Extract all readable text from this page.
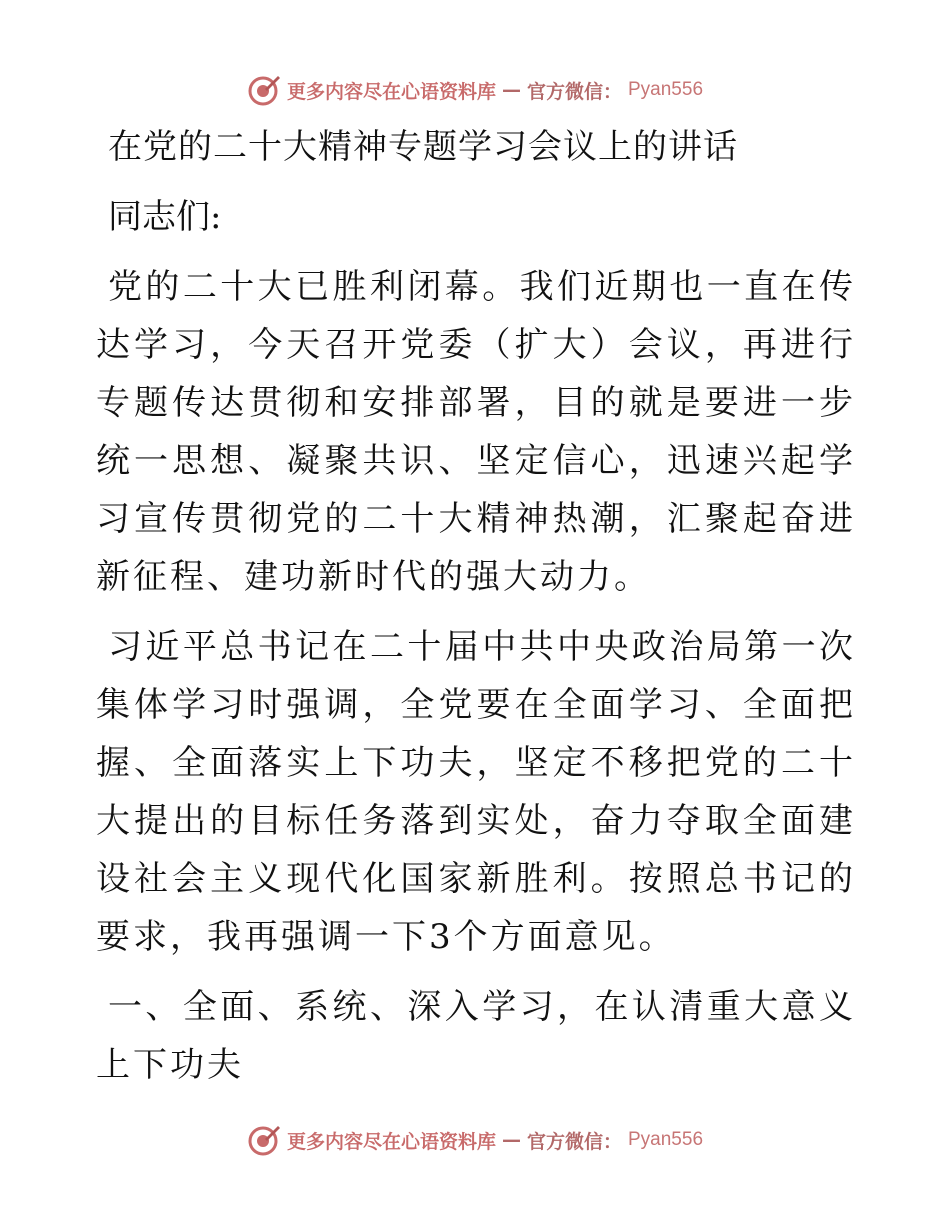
更多内容尽在心语资料库 — 官方微信： Pyan556
在党的二十大精神专题学习会议上的讲话

同志们:

党的二十大已胜利闭幕。我们近期也一直在传达学习，今天召开党委（扩大）会议，再进行专题传达贯彻和安排部署，目的就是要进一步统一思想、凝聚共识、坚定信心，迅速兴起学习宣传贯彻党的二十大精神热潮，汇聚起奋进新征程、建功新时代的强大动力。

习近平总书记在二十届中共中央政治局第一次集体学习时强调，全党要在全面学习、全面把握、全面落实上下功夫，坚定不移把党的二十大提出的目标任务落到实处，奋力夺取全面建设社会主义现代化国家新胜利。按照总书记的要求，我再强调一下3个方面意见。

一、全面、系统、深入学习，在认清重大意义上下功夫

更多内容尽在心语资料库 — 官方微信： Pyan556
